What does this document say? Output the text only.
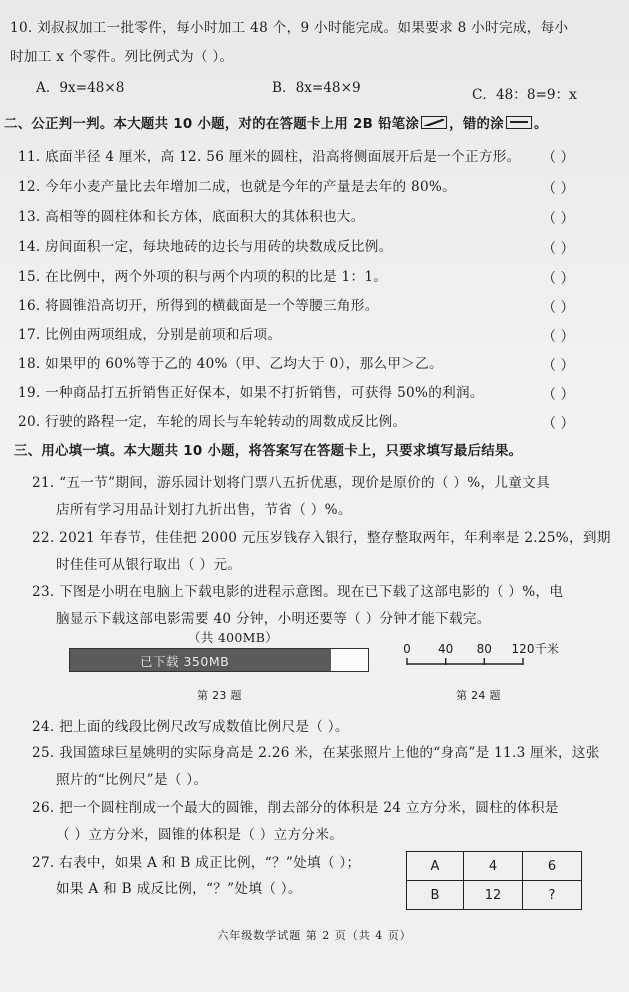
10. 刘叔叔加工一批零件，每小时加工 48 个，9 小时能完成。如果要求 8 小时完成，每小
时加工 x 个零件。列比例式为（ ）。
A．9x=48×8	B．8x=48×9	C．48：8=9：x
二、公正判一判。本大题共 10 小题，对的在答题卡上用 2B 铅笔涂 ，错的涂 。
11. 底面半径 4 厘米，高 12. 56 厘米的圆柱，沿高将侧面展开后是一个正方形。 （ ）
12. 今年小麦产量比去年增加二成，也就是今年的产量是去年的 80%。	（ ）
13. 高相等的圆柱体和长方体，底面积大的其体积也大。	（ ）
14. 房间面积一定，每块地砖的边长与用砖的块数成反比例。	（ ）
15. 在比例中，两个外项的积与两个内项的积的比是 1：1。	（ ）
16. 将圆锥沿高切开，所得到的横截面是一个等腰三角形。	（ ）
17. 比例由两项组成，分别是前项和后项。	（ ）
18. 如果甲的 60%等于乙的 40%（甲、乙均大于 0），那么甲＞乙。	（ ）
19. 一种商品打五折销售正好保本，如果不打折销售，可获得 50%的利润。	（ ）
20. 行驶的路程一定，车轮的周长与车轮转动的周数成反比例。	（ ）
三、用心填一填。本大题共 10 小题，将答案写在答题卡上，只要求填写最后结果。
21. “五一节”期间，游乐园计划将门票八五折优惠，现价是原价的（ ）%，儿童文具
店所有学习用品计划打九折出售，节省（ ）%。
22. 2021 年春节，佳佳把 2000 元压岁钱存入银行，整存整取两年，年利率是 2.25%，到期
时佳佳可从银行取出（ ）元。
23. 下图是小明在电脑上下载电影的进程示意图。现在已下载了这部电影的（ ）%，电
脑显示下载这部电影需要 40 分钟，小明还要等（ ）分钟才能下载完。
（共 400MB）
已下载 350MB
第 23 题
0 40 80 120 千米
第 24 题
24. 把上面的线段比例尺改写成数值比例尺是（ ）。
25. 我国篮球巨星姚明的实际身高是 2.26 米，在某张照片上他的“身高”是 11.3 厘米，这张
照片的“比例尺”是（ ）。
26. 把一个圆柱削成一个最大的圆锥，削去部分的体积是 24 立方分米，圆柱的体积是
（ ）立方分米，圆锥的体积是（ ）立方分米。
27. 右表中，如果 A 和 B 成正比例，“？”处填（ ）；
如果 A 和 B 成反比例，“？”处填（ ）。
A	4	6
B	12	?
六年级数学试题 第 2 页（共 4 页）
